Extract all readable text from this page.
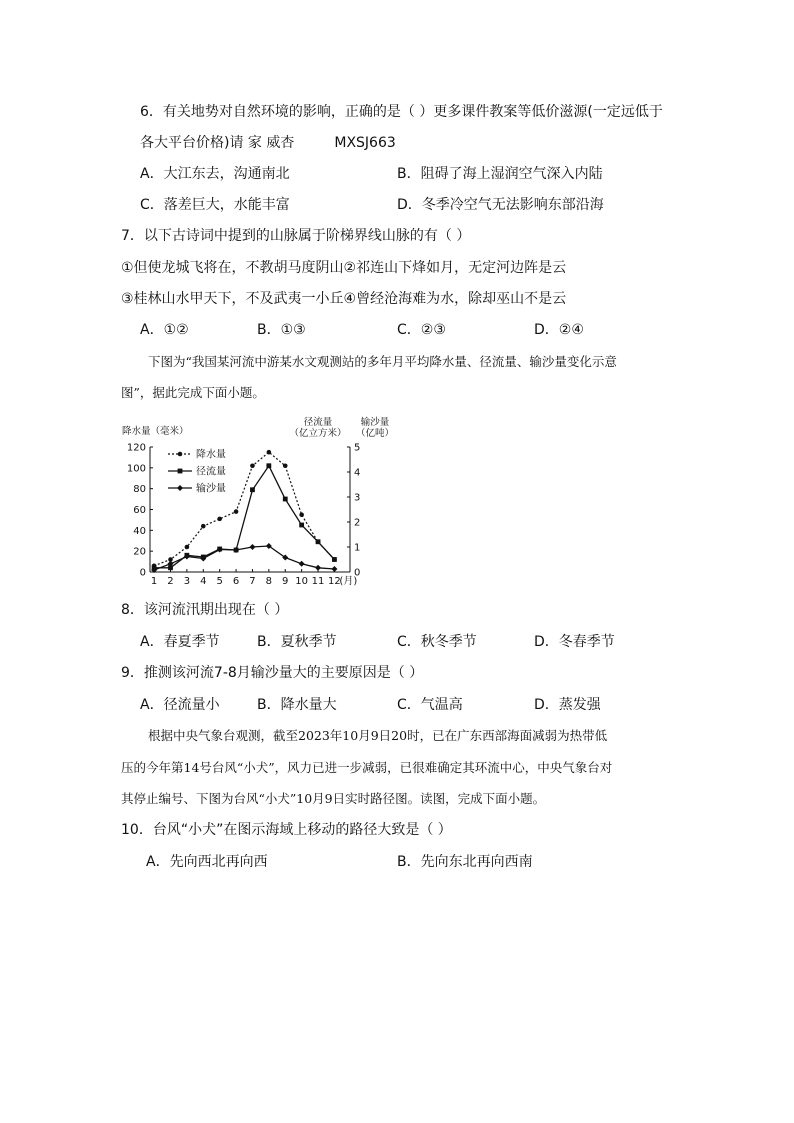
6．有关地势对自然环境的影响，正确的是（ ）更多课件教案等低价滋源(一定远低于
各大平台价格)请 家 威杏	MXSJ663
A．大江东去，沟通南北	B．阻碍了海上湿润空气深入内陆
C．落差巨大，水能丰富	D．冬季冷空气无法影响东部沿海
7．以下古诗词中提到的山脉属于阶梯界线山脉的有（ ）
①但使龙城飞将在，不教胡马度阴山②祁连山下烽如月，无定河边阵是云
③桂林山水甲天下，不及武夷一小丘④曾经沧海难为水，除却巫山不是云
A．①②	B．①③	C．②③	D．②④
下图为“我国某河流中游某水文观测站的多年月平均降水量、径流量、输沙量变化示意
图”，据此完成下面小题。
0
20
40
60
80
100
120
0
1
2
3
4
5
1 2 3 4 5 6 7 8 9 10 11 12
(月)
降水量（毫米）
径流量
（亿立方米）
输沙量
（亿吨）
降水量
径流量
输沙量
8．该河流汛期出现在（ ）
A．春夏季节	B．夏秋季节	C．秋冬季节	D．冬春季节
9．推测该河流7-8月输沙量大的主要原因是（ ）
A．径流量小	B．降水量大	C．气温高	D．蒸发强
根据中央气象台观测，截至2023年10月9日20时，已在广东西部海面减弱为热带低
压的今年第14号台风“小犬”，风力已进一步减弱，已很难确定其环流中心，中央气象台对
其停止编号、下图为台风“小犬”10月9日实时路径图。读图，完成下面小题。
10．台风“小犬”在图示海域上移动的路径大致是（ ）
A．先向西北再向西	B．先向东北再向西南
